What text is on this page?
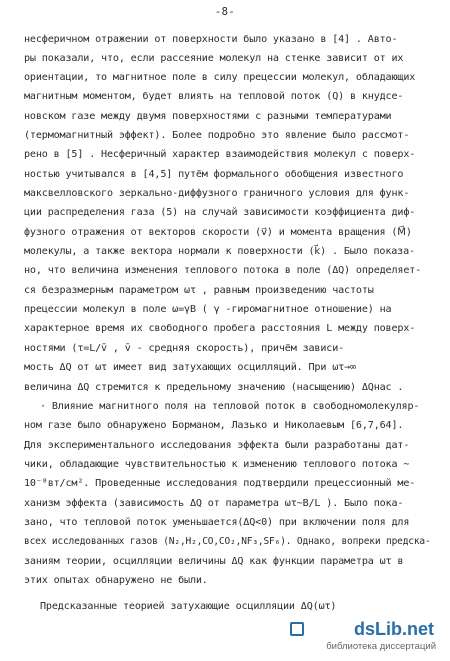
-8-
несферичном отражении от поверхности было указано в [4] . Авто-
ры показали, что, если рассеяние молекул на стенке зависит от их
ориентации, то магнитное поле в силу прецессии молекул, обладающих
магнитным моментом, будет влиять на тепловой поток (Q) в кнудсе-
новском газе между двумя поверхностями с разными температурами
(термомагнитный эффект). Более подробно это явление было рассмот-
рено в [5] . Несферичный характер взаимодействия молекул с поверх-
ностью учитывался в [4,5] путём формального обобщения известного
максвелловского зеркально-диффузного граничного условия для функ-
ции распределения газа (5) на случай зависимости коэффициента диф-
фузного отражения от векторов скорости (v⃗) и момента вращения (M⃗)
молекулы, а также вектора нормали к поверхности (k⃗) . Было показа-
но, что величина изменения теплового потока в поле (ΔQ) определяет-
ся безразмерным параметром ωτ , равным произведению частоты
прецессии молекул в поле ω=γB ( γ -гиромагнитное отношение) на
характерное время их свободного пробега расстояния L между поверх-
ностями (τ=L/v̄ , v̄ - средняя скорость), причём зависи-
мость ΔQ от ωτ имеет вид затухающих осцилляций. При ωτ→∞
величина ΔQ стремится к предельному значению (насыщению) ΔQнас .
· Влияние магнитного поля на тепловой поток в свободномолекуляр-
ном газе было обнаружено Борманом, Лазько и Николаевым [6,7,64].
Для экспериментального исследования эффекта были разработаны дат-
чики, обладающие чувствительностью к изменению теплового потока ~
10⁻⁸вт/см². Проведенные исследования подтвердили прецессионный ме-
ханизм эффекта (зависимость ΔQ от параметра ωτ~B/L ). Было пока-
зано, что тепловой поток уменьшается(ΔQ<0) при включении поля для
всех исследованных газов (N₂,H₂,CO,CO₂,NF₃,SF₆). Однако, вопреки предска-
заниям теории, осцилляции величины ΔQ как функции параметра ωτ в
этих опытах обнаружено не были.
Предсказанные теорией затухающие осцилляции ΔQ(ωτ)
dsLib.net
библиотека диссертаций
